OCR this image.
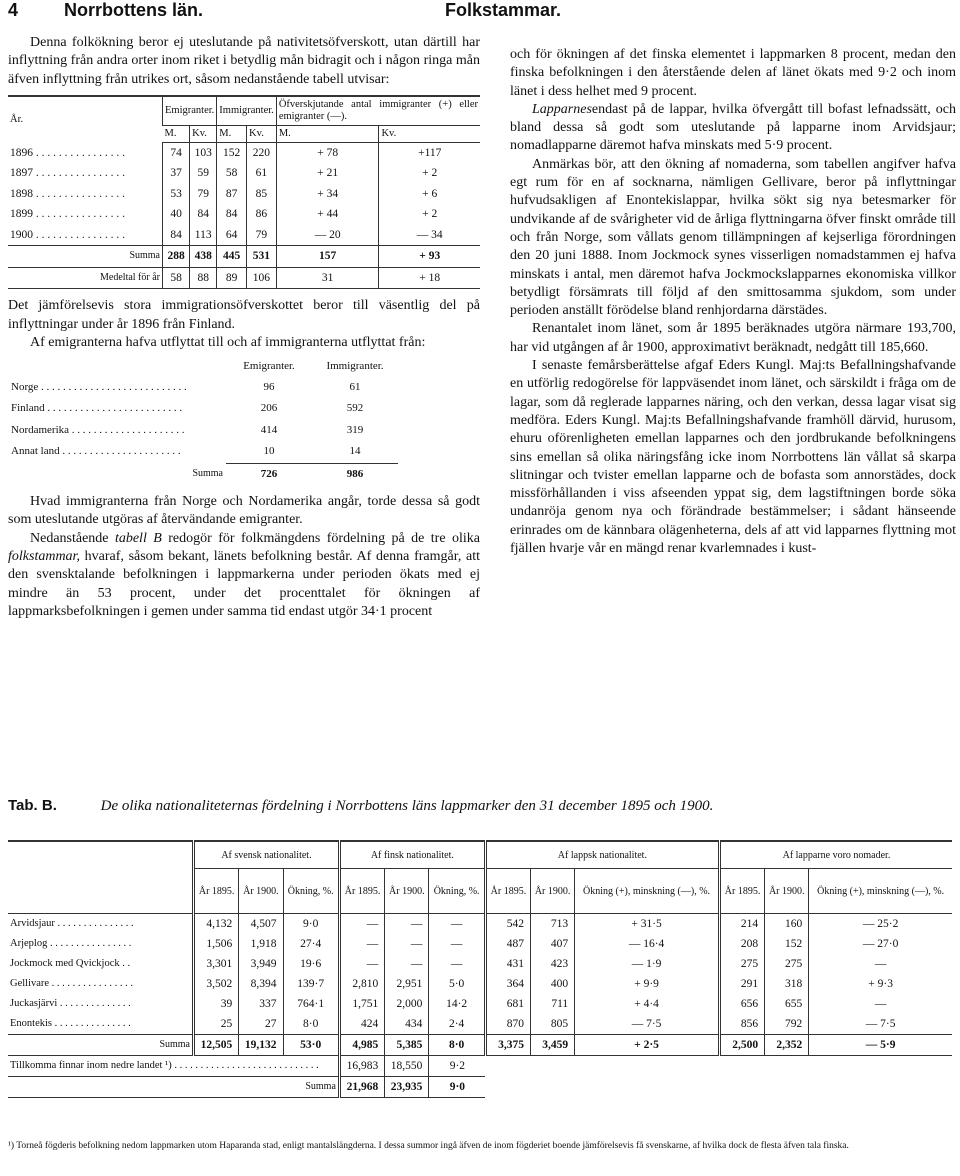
4	Norrbottens län.	Folkstammar.

Denna folkökning beror ej uteslutande på nativitetsöfverskott, utan därtill har inflyttning från andra orter inom riket i betydlig mån bidragit och i någon ringa mån äfven inflyttning från utrikes ort, såsom nedanstående tabell utvisar:

År.	Emigranter.		Immigranter.		Öfverskjutande antal immigranter (+) eller emigranter (—).	
	M.	Kv.	M.	Kv.	M.	Kv.
1896 . . . . . . . . . . . . . . . .	74	103	152	220	+ 78	+117
1897 . . . . . . . . . . . . . . . .	37	59	58	61	+ 21	+ 2
1898 . . . . . . . . . . . . . . . .	53	79	87	85	+ 34	+ 6
1899 . . . . . . . . . . . . . . . .	40	84	84	86	+ 44	+ 2
1900 . . . . . . . . . . . . . . . .	84	113	64	79	— 20	— 34
Summa	288	438	445	531	157	+ 93
Medeltal för år	58	88	89	106	31	+ 18

Det jämförelsevis stora immigrationsöfverskottet beror till väsentlig del på inflyttningar under år 1896 från Finland.

Af emigranterna hafva utflyttat till och af immigranterna utflyttat från:

	Emigranter.	Immigranter.
Norge . . . . . . . . . . . . . . . . . . . . . . . . . . .	96	61
Finland . . . . . . . . . . . . . . . . . . . . . . . . .	206	592
Nordamerika . . . . . . . . . . . . . . . . . . . . .	414	319
Annat land . . . . . . . . . . . . . . . . . . . . . .	10	14
Summa	726	986

Hvad immigranterna från Norge och Nordamerika angår, torde dessa så godt som uteslutande utgöras af återvändande emigranter.

Nedanstående tabell B redogör för folkmängdens fördelning på de tre olika folkstammar, hvaraf, såsom bekant, länets befolkning består. Af denna framgår, att den svensktalande befolkningen i lappmarkerna under perioden ökats med ej mindre än 53 procent, under det procenttalet för ökningen af lappmarksbefolkningen i gemen under samma tid endast utgör 34·1 procent

och för ökningen af det finska elementet i lappmarken 8 procent, medan den finska befolkningen i den återstående delen af länet ökats med 9·2 och inom länet i dess helhet med 9 procent.

Lapparnesendast på de lappar, hvilka öfvergått till bofast lefnadssätt, och bland dessa så godt som uteslutande på lapparne inom Arvidsjaur; nomadlapparne däremot hafva minskats med 5·9 procent.

Anmärkas bör, att den ökning af nomaderna, som tabellen angifver hafva egt rum för en af socknarna, nämligen Gellivare, beror på inflyttningar hufvudsakligen af Enontekislappar, hvilka sökt sig nya betesmarker för undvikande af de svårigheter vid de årliga flyttningarna öfver finskt område till och från Norge, som vållats genom tillämpningen af kejserliga förordningen den 20 juni 1888. Inom Jockmock synes visserligen nomadstammen ej hafva minskats i antal, men däremot hafva Jockmockslapparnes ekonomiska villkor betydligt försämrats till följd af den smittosamma sjukdom, som under perioden anställt förödelse bland renhjordarna därstädes.

Renantalet inom länet, som år 1895 beräknades utgöra närmare 193,700, har vid utgången af år 1900, approximativt beräknadt, nedgått till 185,660.

I senaste femårsberättelse afgaf Eders Kungl. Maj:ts Befallningshafvande en utförlig redogörelse för lappväsendet inom länet, och särskildt i fråga om de lagar, som då reglerade lapparnes näring, och den verkan, dessa lagar visat sig medföra. Eders Kungl. Maj:ts Befallningshafvande framhöll därvid, hurusom, ehuru oförenligheten emellan lapparnes och den jordbrukande befolkningens sins emellan så olika näringsfång icke inom Norrbottens län vållat så skarpa slitningar och tvister emellan lapparne och de bofasta som annorstädes, dock missförhållanden i viss afseenden yppat sig, dem lagstiftningen borde söka undanröja genom nya och förändrade bestämmelser; i sådant hänseende erinrades om de kännbara olägenheterna, dels af att vid lapparnes flyttning mot fjällen hvarje vår en mängd renar kvarlemnades i kust-

Tab. B.	De olika nationaliteternas fördelning i Norrbottens läns lappmarker den 31 december 1895 och 1900.
	Af svensk nationalitet.			Af finsk nationalitet.			Af lappsk nationalitet.			Af lapparne voro nomader.		
	År 1895.	År 1900.	Ökning, %.	År 1895.	År 1900.	Ökning, %.	År 1895.	År 1900.	Ökning (+), minskning (—), %.	År 1895.	År 1900.	Ökning (+), minskning (—), %.
Arvidsjaur . . . . . . . . . . . . . . .	4,132	4,507	9·0	—	—	—	542	713	+ 31·5	214	160	— 25·2
Arjeplog . . . . . . . . . . . . . . . .	1,506	1,918	27·4	—	—	—	487	407	— 16·4	208	152	— 27·0
Jockmock med Qvickjock . .	3,301	3,949	19·6	—	—	—	431	423	— 1·9	275	275	—
Gellivare . . . . . . . . . . . . . . . .	3,502	8,394	139·7	2,810	2,951	5·0	364	400	+ 9·9	291	318	+ 9·3
Juckasjärvi . . . . . . . . . . . . . .	39	337	764·1	1,751	2,000	14·2	681	711	+ 4·4	656	655	—
Enontekis . . . . . . . . . . . . . . .	25	27	8·0	424	434	2·4	870	805	— 7·5	856	792	— 7·5
Summa	12,505	19,132	53·0	4,985	5,385	8·0	3,375	3,459	+ 2·5	2,500	2,352	— 5·9
Tillkomma finnar inom nedre landet ¹) . . . . . . . . . . . . . . . . . . . . . . . . . . . .				16,983	18,550	9·2						
Summa				21,968	23,935	9·0						
¹) Torneå fögderis befolkning nedom lappmarken utom Haparanda stad, enligt mantalslängderna. I dessa summor ingå äfven de inom fögderiet boende jämförelsevis få svenskarne, af hvilka dock de flesta äfven tala finska.
